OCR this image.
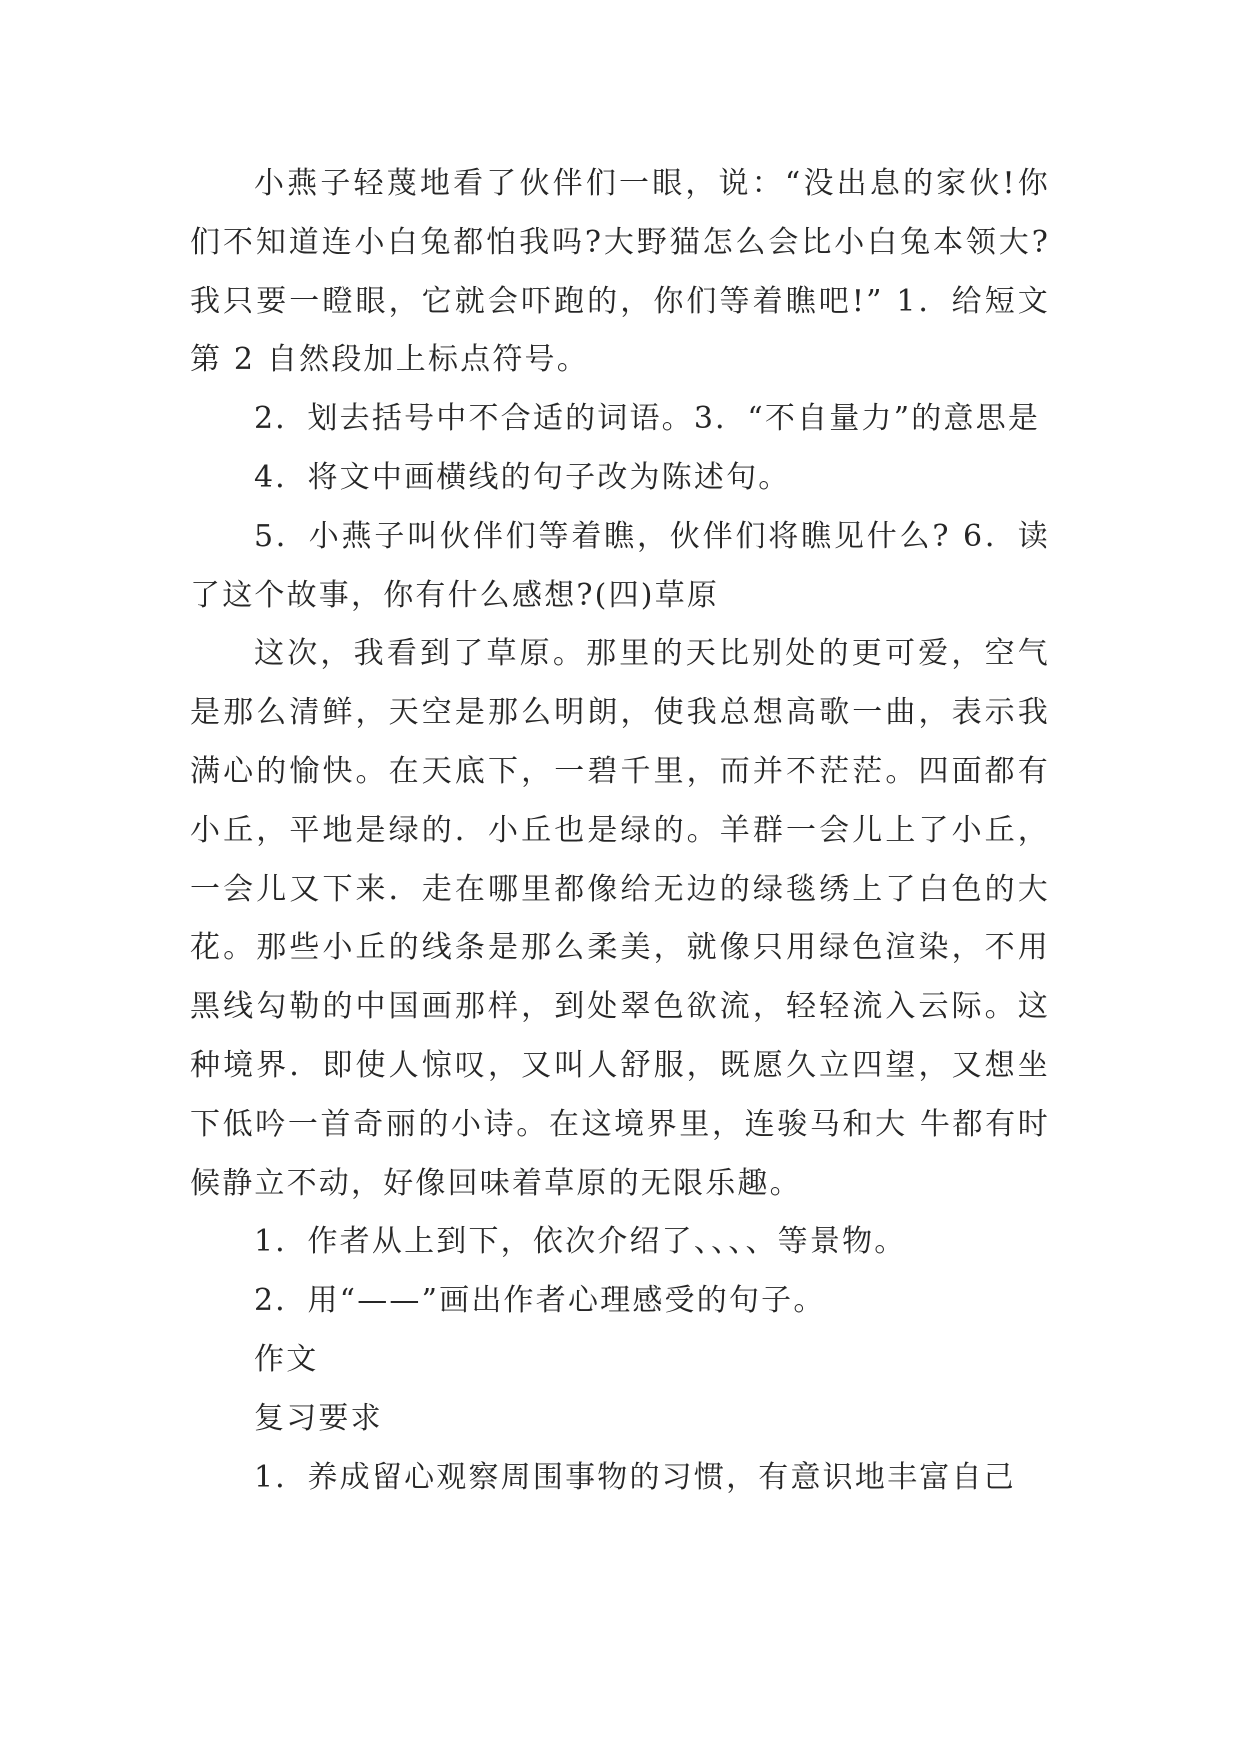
小燕子轻蔑地看了伙伴们一眼，说：“没出息的家伙!你们不知道连小白兔都怕我吗?大野猫怎么会比小白兔本领大?我只要一瞪眼，它就会吓跑的，你们等着瞧吧!” 1．给短文第 2 自然段加上标点符号。

2．划去括号中不合适的词语。3．“不自量力”的意思是

4．将文中画横线的句子改为陈述句。

5．小燕子叫伙伴们等着瞧，伙伴们将瞧见什么? 6．读了这个故事，你有什么感想?(四)草原

这次，我看到了草原。那里的天比别处的更可爱，空气是那么清鲜，天空是那么明朗，使我总想高歌一曲，表示我满心的愉快。在天底下，一碧千里，而并不茫茫。四面都有小丘，平地是绿的．小丘也是绿的。羊群一会儿上了小丘，一会儿又下来．走在哪里都像给无边的绿毯绣上了白色的大花。那些小丘的线条是那么柔美，就像只用绿色渲染，不用黑线勾勒的中国画那样，到处翠色欲流，轻轻流入云际。这种境界．即使人惊叹，又叫人舒服，既愿久立四望，又想坐下低吟一首奇丽的小诗。在这境界里，连骏马和大 牛都有时候静立不动，好像回味着草原的无限乐趣。

1．作者从上到下，依次介绍了、、、、等景物。

2．用“——”画出作者心理感受的句子。

作文

复习要求

1．养成留心观察周围事物的习惯，有意识地丰富自己
